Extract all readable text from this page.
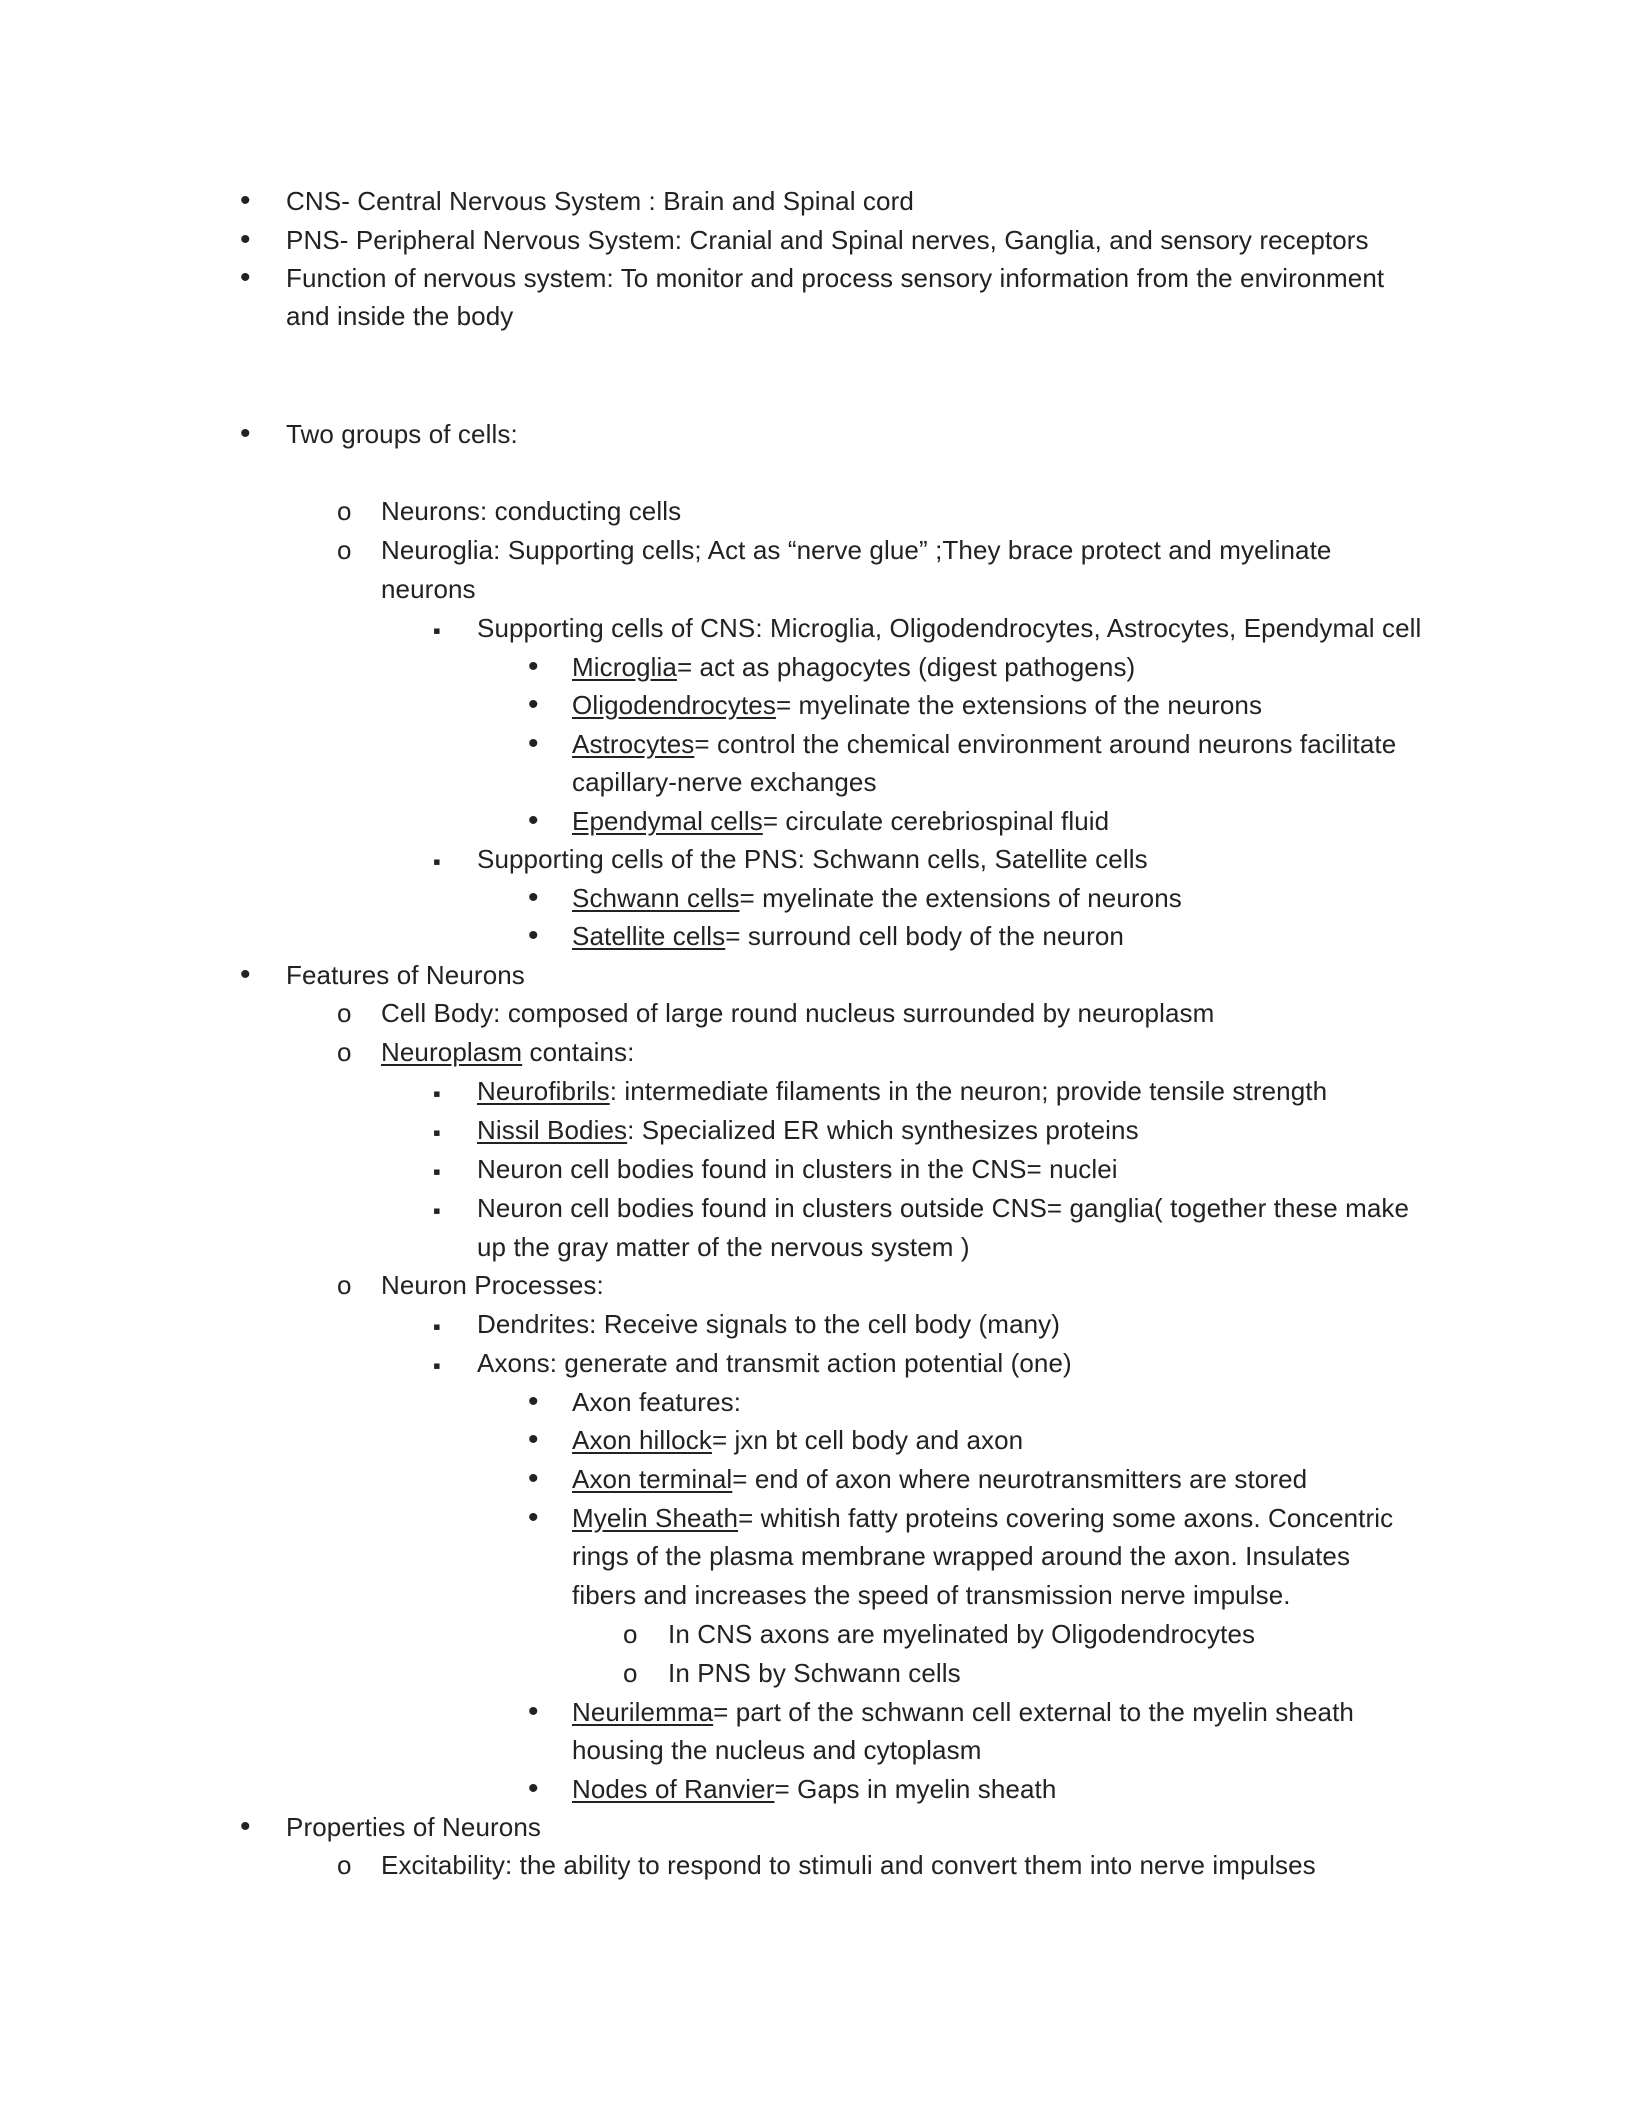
•
CNS- Central Nervous System : Brain and Spinal cord
•
PNS- Peripheral Nervous System: Cranial and Spinal nerves, Ganglia, and sensory receptors
•
Function of nervous system: To monitor and process sensory information from the environment
and inside the body
•
Two groups of cells:
o
Neurons: conducting cells
o
Neuroglia: Supporting cells; Act as “nerve glue” ;They brace protect and myelinate
neurons
▪
Supporting cells of CNS: Microglia, Oligodendrocytes, Astrocytes, Ependymal cell
•
Microglia= act as phagocytes (digest pathogens)
•
Oligodendrocytes= myelinate the extensions of the neurons
•
Astrocytes= control the chemical environment around neurons facilitate
capillary-nerve exchanges
•
Ependymal cells= circulate cerebriospinal fluid
▪
Supporting cells of the PNS: Schwann cells, Satellite cells
•
Schwann cells= myelinate the extensions of neurons
•
Satellite cells= surround cell body of the neuron
•
Features of Neurons
o
Cell Body: composed of large round nucleus surrounded by neuroplasm
o
Neuroplasm contains:
▪
Neurofibrils: intermediate filaments in the neuron; provide tensile strength
▪
Nissil Bodies: Specialized ER which synthesizes proteins
▪
Neuron cell bodies found in clusters in the CNS= nuclei
▪
Neuron cell bodies found in clusters outside CNS= ganglia( together these make
up the gray matter of the nervous system )
o
Neuron Processes:
▪
Dendrites: Receive signals to the cell body (many)
▪
Axons: generate and transmit action potential (one)
•
Axon features:
•
Axon hillock= jxn bt cell body and axon
•
Axon terminal= end of axon where neurotransmitters are stored
•
Myelin Sheath= whitish fatty proteins covering some axons. Concentric
rings of the plasma membrane wrapped around the axon. Insulates
fibers and increases the speed of transmission nerve impulse.
o
In CNS axons are myelinated by Oligodendrocytes
o
In PNS by Schwann cells
•
Neurilemma= part of the schwann cell external to the myelin sheath
housing the nucleus and cytoplasm
•
Nodes of Ranvier= Gaps in myelin sheath
•
Properties of Neurons
o
Excitability: the ability to respond to stimuli and convert them into nerve impulses
